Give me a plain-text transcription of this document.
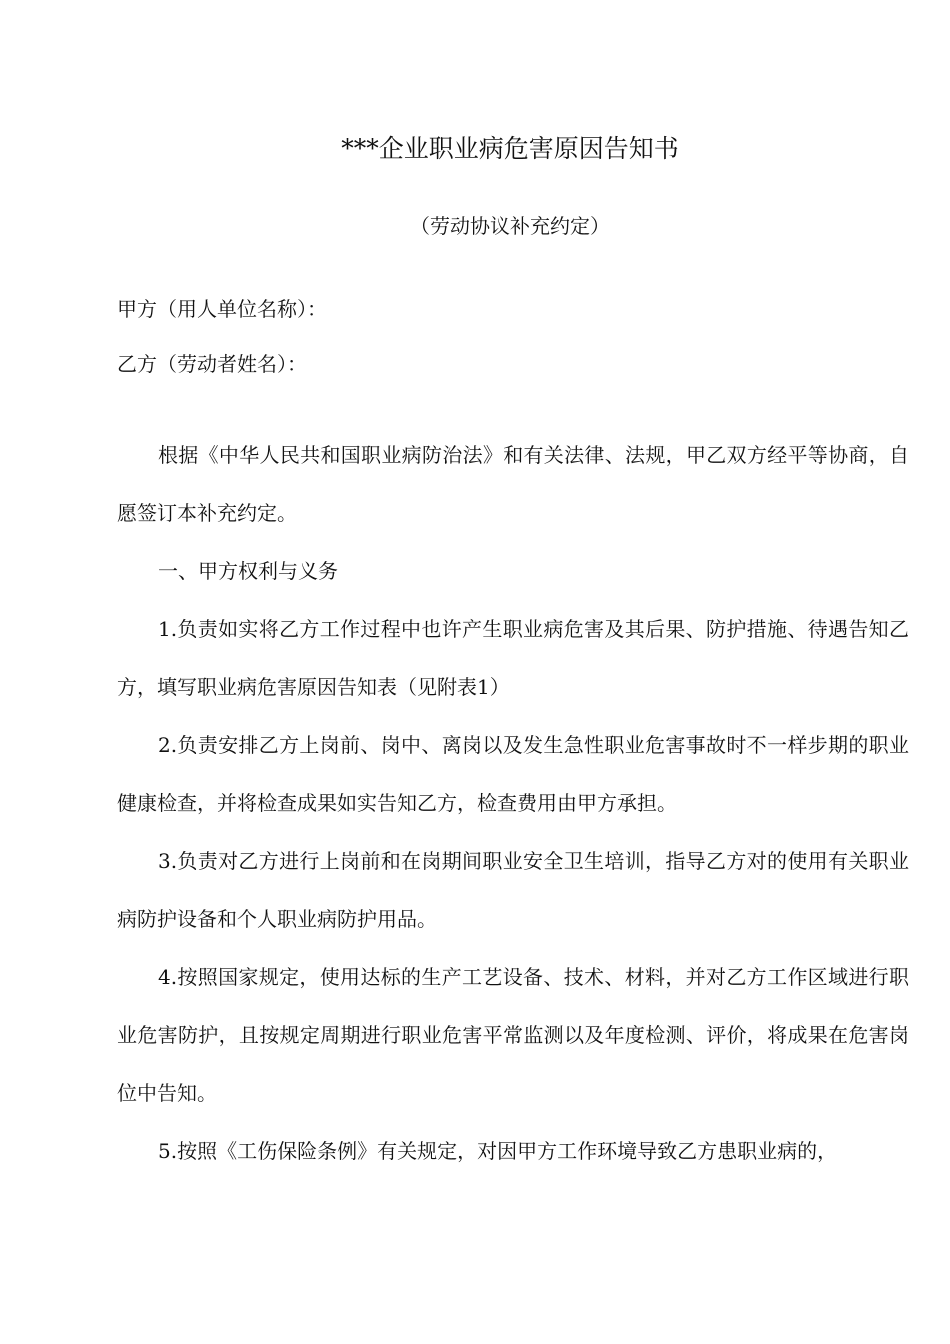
***企业职业病危害原因告知书
（劳动协议补充约定）
甲方（用人单位名称）：
乙方（劳动者姓名）：

根据《中华人民共和国职业病防治法》和有关法律、法规，甲乙双方经平等协商，自愿签订本补充约定。

一、甲方权利与义务

1.负责如实将乙方工作过程中也许产生职业病危害及其后果、防护措施、待遇告知乙方，填写职业病危害原因告知表（见附表1）

2.负责安排乙方上岗前、岗中、离岗以及发生急性职业危害事故时不一样步期的职业健康检查，并将检查成果如实告知乙方，检查费用由甲方承担。

3.负责对乙方进行上岗前和在岗期间职业安全卫生培训，指导乙方对的使用有关职业病防护设备和个人职业病防护用品。

4.按照国家规定，使用达标的生产工艺设备、技术、材料，并对乙方工作区域进行职业危害防护，且按规定周期进行职业危害平常监测以及年度检测、评价，将成果在危害岗位中告知。

5.按照《工伤保险条例》有关规定，对因甲方工作环境导致乙方患职业病的，
